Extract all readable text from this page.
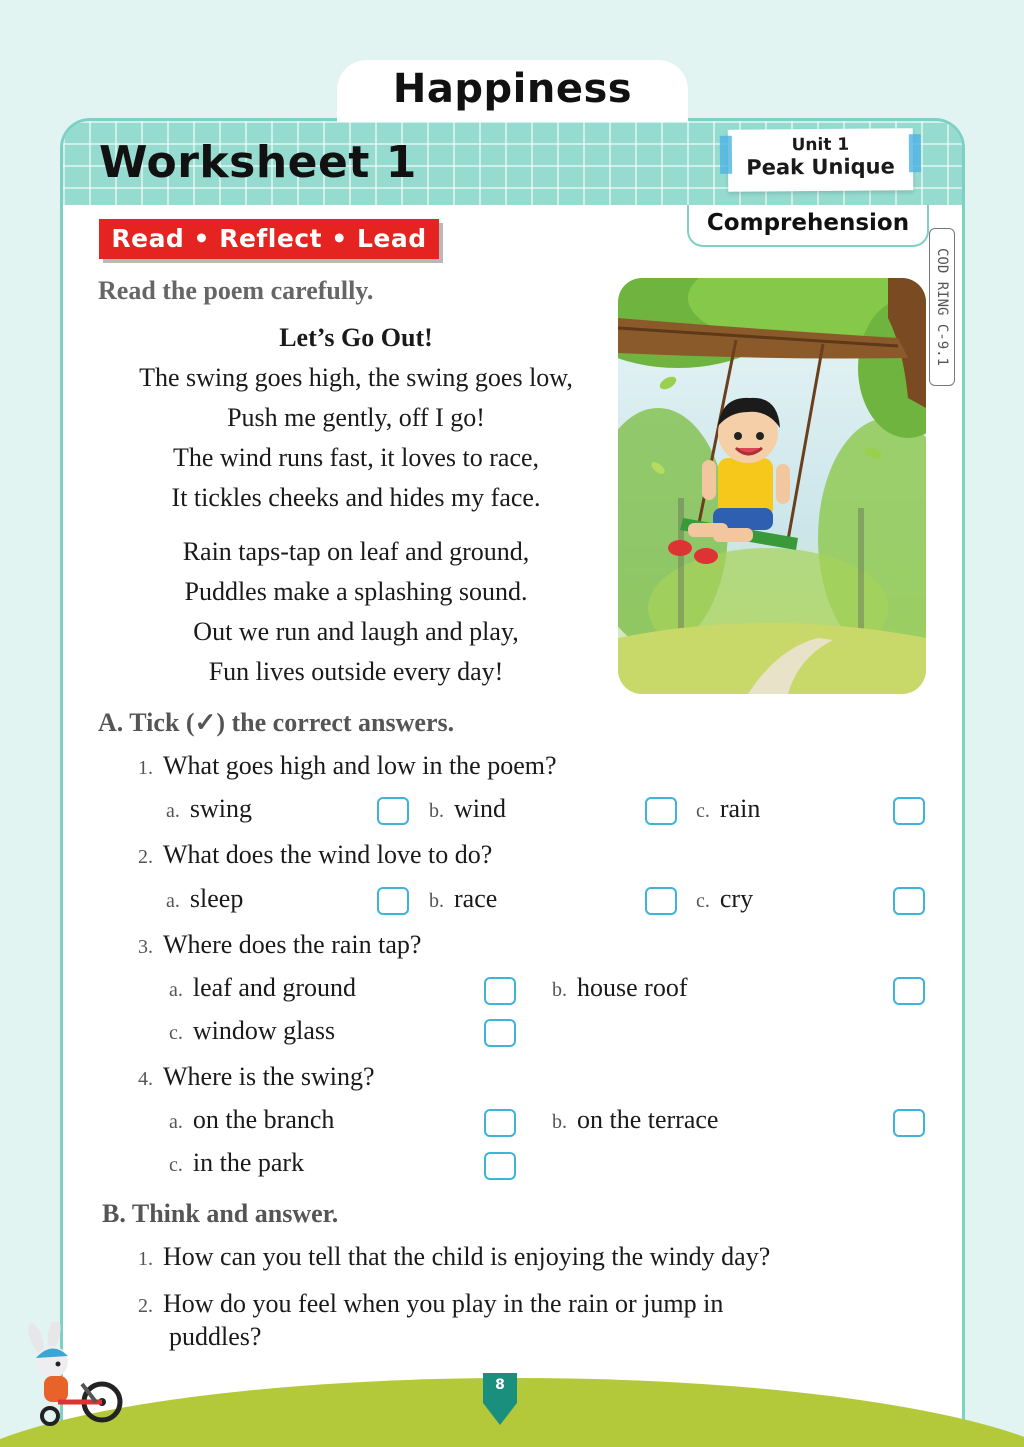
Happiness
Worksheet 1	Unit 1
Peak Unique
Comprehension
Read • Reflect • Lead
COD RING C-9.1
Read the poem carefully.
Let’s Go Out!
The swing goes high, the swing goes low,
Push me gently, off I go!
The wind runs fast, it loves to race,
It tickles cheeks and hides my face.
Rain taps-tap on leaf and ground,
Puddles make a splashing sound.
Out we run and laugh and play,
Fun lives outside every day!
A. Tick (✓) the correct answers.
1. What goes high and low in the poem?
a. swing	b. wind	c. rain
2. What does the wind love to do?
a. sleep	b. race	c. cry
3. Where does the rain tap?
a. leaf and ground	b. house roof
c. window glass
4. Where is the swing?
a. on the branch	b. on the terrace
c. in the park
B. Think and answer.
1. How can you tell that the child is enjoying the windy day?
2. How do you feel when you play in the rain or jump in
puddles?
8
